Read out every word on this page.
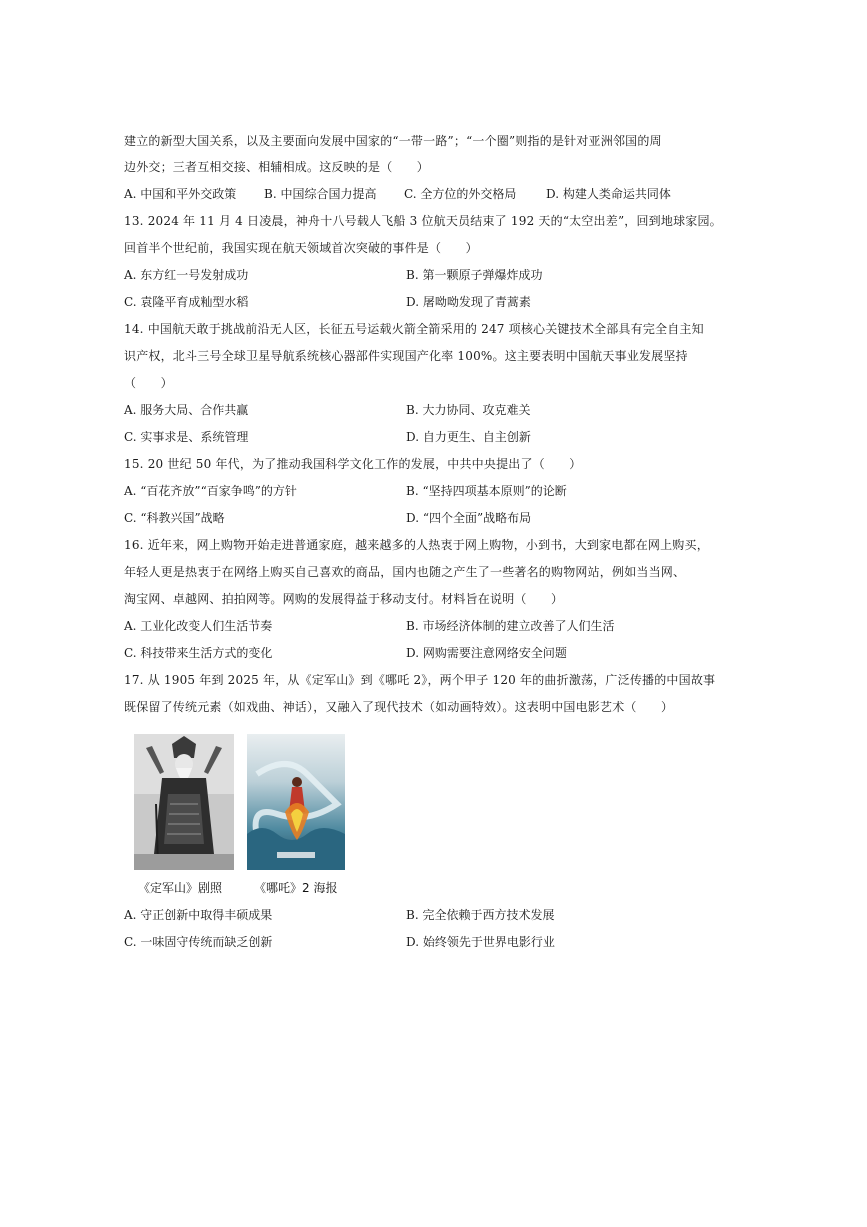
建立的新型大国关系，以及主要面向发展中国家的“一带一路”；“一个圈”则指的是针对亚洲邻国的周
边外交；三者互相交接、相辅相成。这反映的是（　　）
A. 中国和平外交政策 B. 中国综合国力提高 C. 全方位的外交格局 D. 构建人类命运共同体
13. 2024 年 11 月 4 日凌晨，神舟十八号载人飞船 3 位航天员结束了 192 天的“太空出差”，回到地球家园。
回首半个世纪前，我国实现在航天领域首次突破的事件是（　　）
A. 东方红一号发射成功	B. 第一颗原子弹爆炸成功
C. 袁隆平育成籼型水稻	D. 屠呦呦发现了青蒿素
14. 中国航天敢于挑战前沿无人区，长征五号运载火箭全箭采用的 247 项核心关键技术全部具有完全自主知
识产权，北斗三号全球卫星导航系统核心器部件实现国产化率 100%。这主要表明中国航天事业发展坚持
（　　）
A. 服务大局、合作共赢	B. 大力协同、攻克难关
C. 实事求是、系统管理	D. 自力更生、自主创新
15. 20 世纪 50 年代，为了推动我国科学文化工作的发展，中共中央提出了（　　）
A. “百花齐放”“百家争鸣”的方针	B. “坚持四项基本原则”的论断
C. “科教兴国”战略	D. “四个全面”战略布局
16. 近年来，网上购物开始走进普通家庭，越来越多的人热衷于网上购物，小到书，大到家电都在网上购买，
年轻人更是热衷于在网络上购买自己喜欢的商品，国内也随之产生了一些著名的购物网站，例如当当网、
淘宝网、卓越网、拍拍网等。网购的发展得益于移动支付。材料旨在说明（　　）
A. 工业化改变人们生活节奏	B. 市场经济体制的建立改善了人们生活
C. 科技带来生活方式的变化	D. 网购需要注意网络安全问题
17. 从 1905 年到 2025 年，从《定军山》到《哪吒 2》，两个甲子 120 年的曲折激荡，广泛传播的中国故事
既保留了传统元素（如戏曲、神话），又融入了现代技术（如动画特效）。这表明中国电影艺术（　　）
《定军山》剧照	《哪吒》2 海报
A. 守正创新中取得丰硕成果	B. 完全依赖于西方技术发展
C. 一味固守传统而缺乏创新	D. 始终领先于世界电影行业
